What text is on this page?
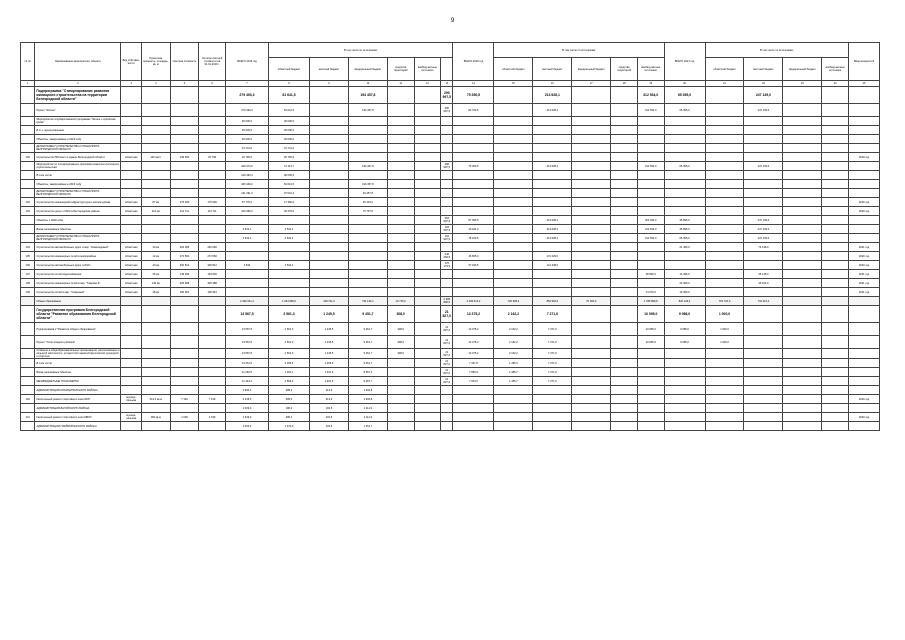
9
№ пп	Наименование мероприятия, объекта	Вид собствен-ности	Проектная мощность, площадь, кв. м	Сметная стоимость	Остаток сметной стоимости на 01.01.2019 г.	ВСЕГО 2019 год	В том числе по источникам:						ВСЕГО 2020 год	В том числе по источникам:					ВСЕГО 2021 год	В том числе по источникам:				Ввод мощностей
							областной бюджет	местный бюджет	федеральный бюджет	средства территорий	внебюд-жетные источники			областной бюджет	местный бюджет	федеральный бюджет	средства территорий	внебюд-жетные источники		областной бюджет	местный бюджет	федеральный бюджет	внебюд-жетные источники	
1	2	3	4	5	6	7	8	9	10	11	12	13	14	15	16	17	18	19	20	21	22	23	24	25
	Подпрограмма "Стимулирование развития жилищного строительства на территории Белгородской области"					279 493,3	81 641,5		194 457,8			290 997,5	75 350,5		213 628,1			312 534,0	65 395,0		247 139,0			
	Проект "Жилье"					279 493,3	81 641,5		194 457,8			290 997,5	83 763,5		213 628,1			312 534,0	65 395,0		247 139,0			
	Мероприятие государственной программы "Жилье и городская среда"					30 000,0	30 000,0																	
	В т.ч. муниципальным					30 000,0	30 000,0																	
	Объекты, завершаемые в 2019 году					30 000,0	30 000,0																	
	ДЕПАРТАМЕНТ СТРОИТЕЛЬСТВА И ТРАНСПОРТА БЕЛГОРОДСКОЙ ОБЛАСТИ					31 741,0	31 741,0																	
130	Строительство 500 мест в здании Белгородской области	областная	140 мест	139 660	20 765	20 765,0	20 765,0																	2019 год
	Мероприятие по стимулированию программ развития жилищного строительства					249 474,2	47 113,7		194 457,8			290 997,5	75 350,5		213 628,1			312 534,0	65 395,0		247 139,0			
	В том числе					249 493,3	48 036,5																	
	Объекты, завершаемые в 2019 году					106 449,2	81 641,5		194 457,8															
	ДЕПАРТАМЕНТ СТРОИТЕЛЬСТВА И ТРАНСПОРТА БЕЛГОРОДСКОЙ ОБЛАСТИ					131 491,3	37 631,4		94 457,8															
132	Строительство инженерной инфраструктуры к жилым домам	областная	87 км	175 000	175 000	57 770,0	17 350,0		40 419,2															2020 год
133	Строительство дорог к ИЖС в Белгородском районе	областная	116 км	114 711	114 711	106 469,2	30 479,0		75 707,6															2020 год
	Объекты с 2020 года											354 997,5	87 050,5		213 628,1			263 034,0	45 895,0		247 139,0			
	Вновь начинаемые объекты					4 532,1	4 532,1					104 997,5	19 424,2		213 628,1			312 534,0	45 895,0		247 139,0			
	ДЕПАРТАМЕНТ СТРОИТЕЛЬСТВА И ТРАНСПОРТА БЕЛГОРОДСКОЙ ОБЛАСТИ					4 532,1	4 532,1					104 997,5	78 160,5		213 628,1			312 534,0	65 395,0		247 139,0			
134	Строительство автомобильных дорог в мкр. "Новосадовый"	областная	30 км	262 096	262 096														21 495,0		74 138,0			2021 год
135	Строительство инженерных сетей в микрорайоне	областная	12 км	272 560	272 560							246 284,5	46 655,3		172 429,0									2020 год
136	Строительство автомобильных дорог в ИЖС	областная	40 км	300 812	300 812	4 532	4 532,1					176 174,5	37 330,5		141 438,0									2020 год
137	Строительство сетей водоснабжения	областная	36 км	149 036	149 036													48 590,0	13 495,0		35 145,0			2021 год
138	Строительство инженерных сетей в мкр. "Таврово-9"	областная	146 км	325 488	325 488														23 495,0		36 162,0			2021 год
139	Строительство сетей в мкр. "Северный"	областная	38 км	190 961	190 961													74 070,0	19 395,0					2021 год
	Общее образование					2 492 041,4	1 064 968,6	128 741,0	791 136,1	10 715,0		2 395 890,5	2 469 513,2	726 905,2	852 962,6	70 000,0		1 789 899,8	820 126,4	763 722,0	734 216,4			
	Государственная программа Белгородской области "Развитие образования Белгородской области"					13 567,5	2 561,3	1 245,5	9 451,7	308,0		21 827,0	13 375,2	2 162,2	7 271,6			10 095,0	9 086,0	1 000,0				
	Подпрограмма 2 "Развитие общего образования"					13 567,5	2 561,3	1 245,5	9 451,7	308,0		21 827,0	13 375,2	2 162,2	7 271,6			10 095,0	9 086,0	1 000,0				
	Проект "Успех каждого ребенка"					13 567,5	2 561,3	1 245,5	9 451,7	308,0		21 827,0	13 375,2	2 162,2	7 271,6			10 095,0	9 086,0	1 000,0				
	Создание в общеобразовательных организациях, расположенных в сельской местности, условий для занятий физической культурой и спортом					13 567,5	2 561,3	1 245,5	9 451,7	308,0		21 827,0	13 375,2	2 162,2	7 271,6									
	В том числе					13 251,5	2 325,4	1 465,9	9 451,7			21 827,0	7 347,8	1 455,3	7 271,6									
	Вновь начинаемые объекты					11 262,5	1 301,1	1 301,6	8 657,2			21 827,0	7 859,9	1 455,7	7 271,6									
	МЕЖБЮДЖЕТНЫЕ ТРАНСФЕРТЫ					11 443,4	2 566,3	1 301,6	9 457,7			21 827,0	7 004,5	1 455,7	7 271,6									
	АДМИНИСТРАЦИЯ МУНИЦИПАЛЬНОГО РАЙОНА					2 990,2	485,2	214,6	1 932,8															
140	Капитальный ремонт спортивного зала МОУ	муници-пальная	214,0 кв.м	7 149	7 149	2 149,0	485,0	214,6	1 932,8															2020 год
	АДМИНИСТРАЦИЯ ВАЛУЙСКОГО РАЙОНА					1 039,0	180,2	102,5	1 111,9															
141	Капитальный ремонт спортивного зала МБОУ	муници-пальная	182 кв.м	1 639	1 639	1 639,0	380,2	102,5	1 111,9															2020 год
	АДМИНИСТРАЦИЯ ГРАЙВОРОНСКОГО РАЙОНА					1 400,4	1 470,0	134,5	1 251,7															
